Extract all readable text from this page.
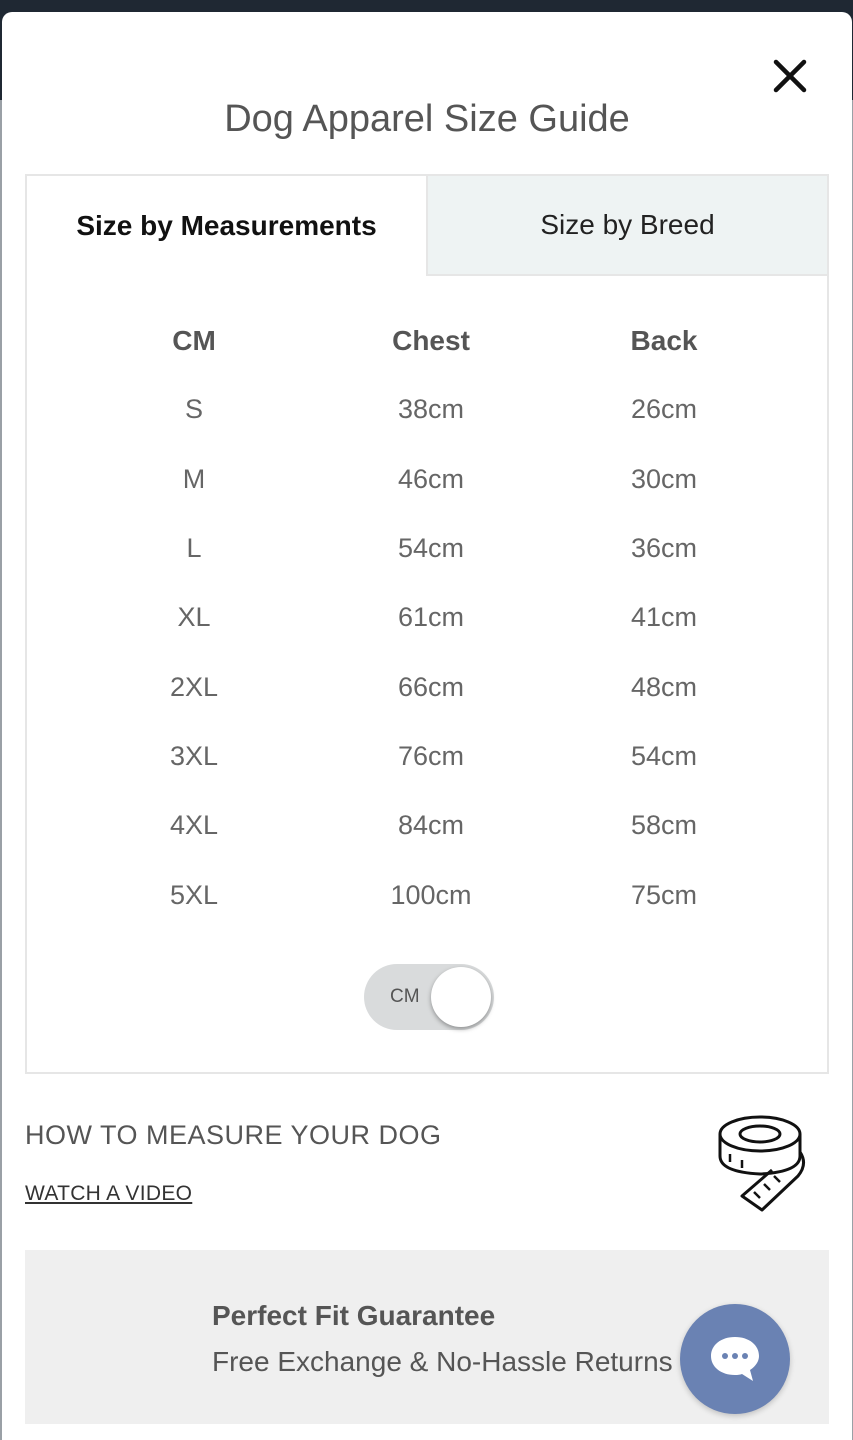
Dog Apparel Size Guide
Size by Measurements	Size by Breed
CM	Chest	Back
S	38cm	26cm
M	46cm	30cm
L	54cm	36cm
XL	61cm	41cm
2XL	66cm	48cm
3XL	76cm	54cm
4XL	84cm	58cm
5XL	100cm	75cm
CM
HOW TO MEASURE YOUR DOG
WATCH A VIDEO
Perfect Fit Guarantee
Free Exchange & No-Hassle Returns
